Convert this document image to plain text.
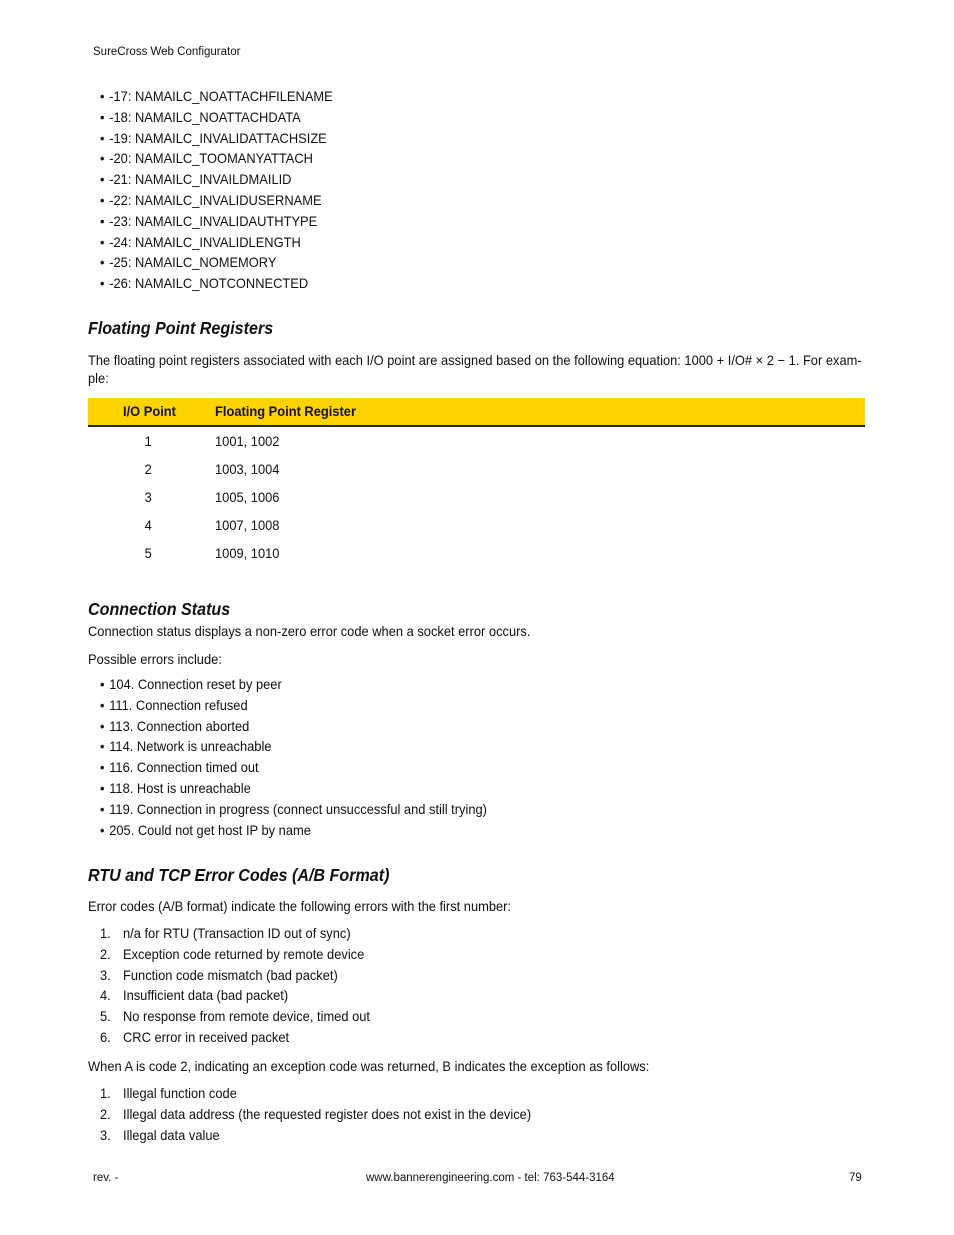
SureCross Web Configurator
• -17: NAMAILC_NOATTACHFILENAME
• -18: NAMAILC_NOATTACHDATA
• -19: NAMAILC_INVALIDATTACHSIZE
• -20: NAMAILC_TOOMANYATTACH
• -21: NAMAILC_INVAILDMAILID
• -22: NAMAILC_INVALIDUSERNAME
• -23: NAMAILC_INVALIDAUTHTYPE
• -24: NAMAILC_INVALIDLENGTH
• -25: NAMAILC_NOMEMORY
• -26: NAMAILC_NOTCONNECTED
Floating Point Registers
The floating point registers associated with each I/O point are assigned based on the following equation: 1000 + I/O# × 2 − 1. For exam-
ple:
I/O Point	Floating Point Register
1	1001, 1002
2	1003, 1004
3	1005, 1006
4	1007, 1008
5	1009, 1010
Connection Status
Connection status displays a non-zero error code when a socket error occurs.
Possible errors include:
• 104. Connection reset by peer
• 111. Connection refused
• 113. Connection aborted
• 114. Network is unreachable
• 116. Connection timed out
• 118. Host is unreachable
• 119. Connection in progress (connect unsuccessful and still trying)
• 205. Could not get host IP by name
RTU and TCP Error Codes (A/B Format)
Error codes (A/B format) indicate the following errors with the first number:
1. n/a for RTU (Transaction ID out of sync)
2. Exception code returned by remote device
3. Function code mismatch (bad packet)
4. Insufficient data (bad packet)
5. No response from remote device, timed out
6. CRC error in received packet
When A is code 2, indicating an exception code was returned, B indicates the exception as follows:
1. Illegal function code
2. Illegal data address (the requested register does not exist in the device)
3. Illegal data value
rev. -	www.bannerengineering.com - tel: 763-544-3164	79
